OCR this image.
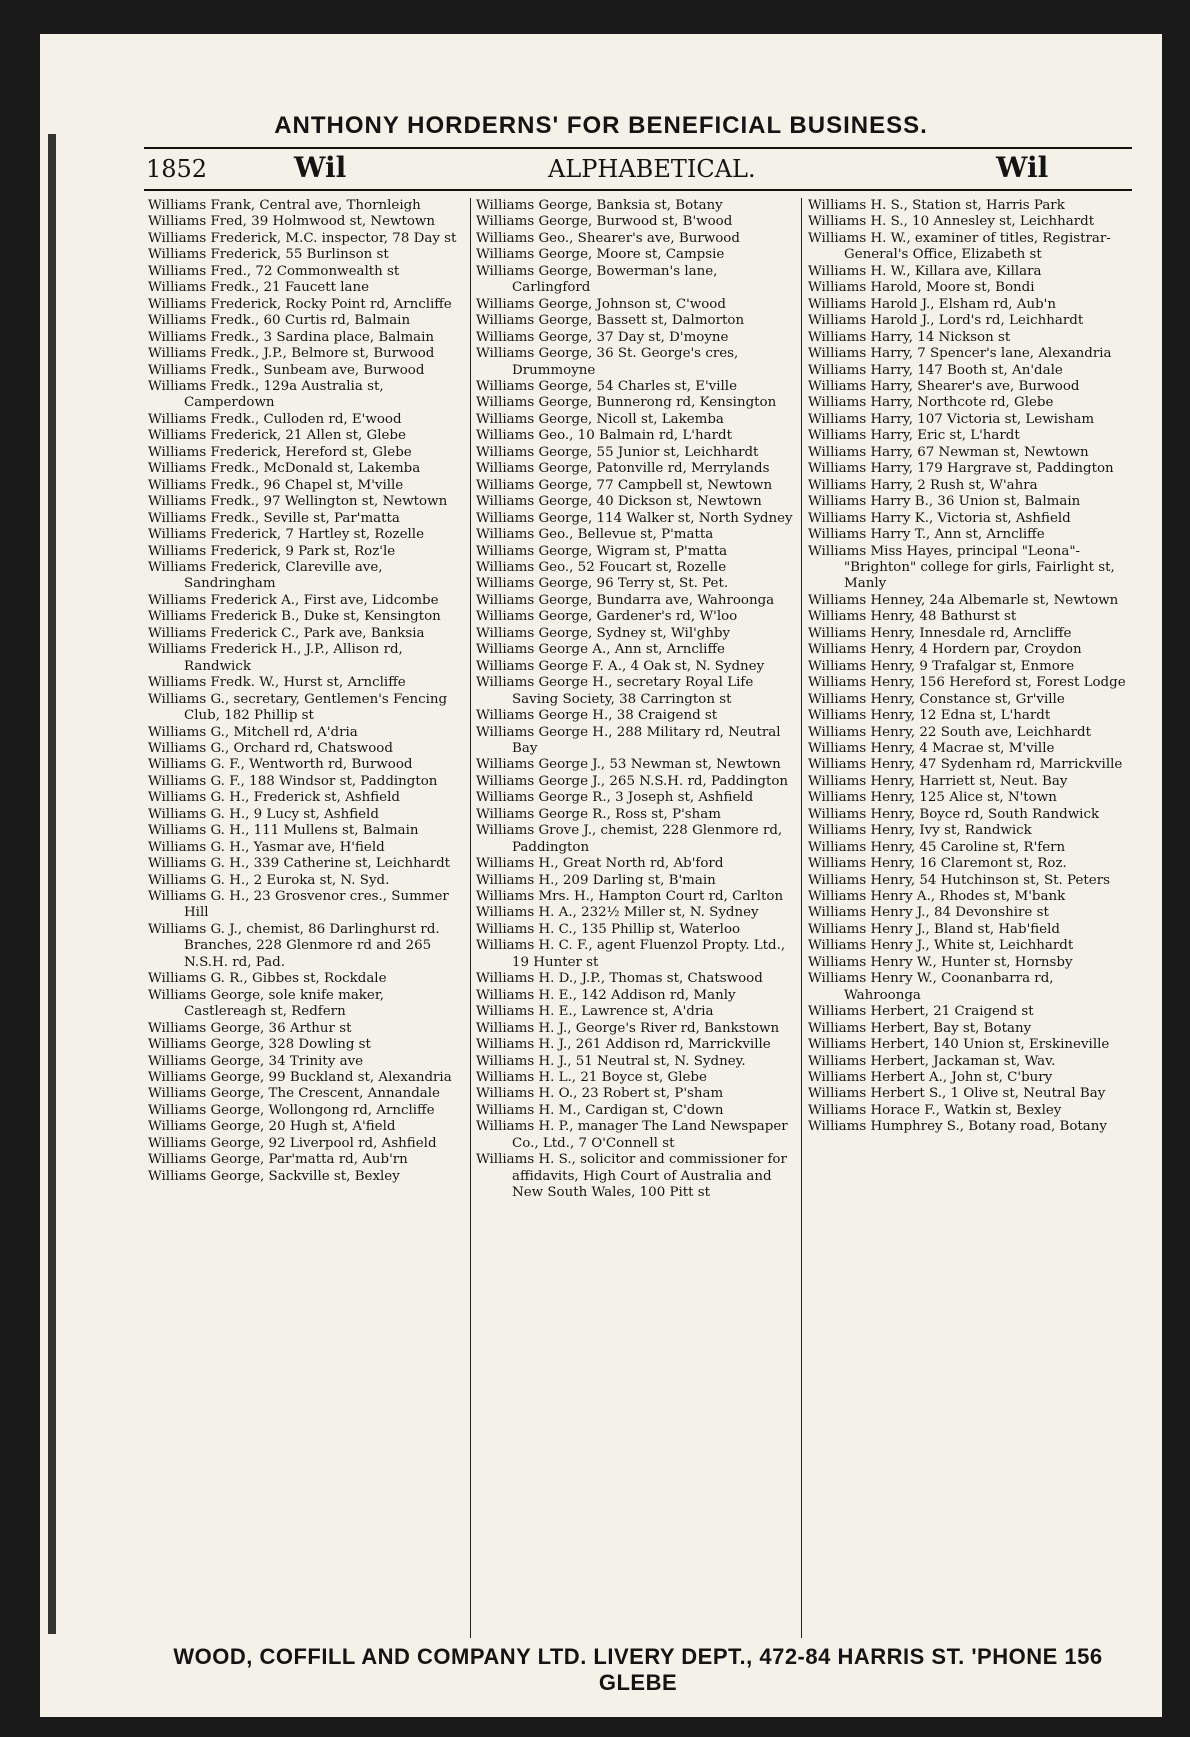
ANTHONY HORDERNS' FOR BENEFICIAL BUSINESS.
1852	Wil	ALPHABETICAL.	Wil

Williams Frank, Central ave, Thornleigh

Williams Fred, 39 Holmwood st, Newtown

Williams Frederick, M.C. inspector, 78 Day st

Williams Frederick, 55 Burlinson st

Williams Fred., 72 Commonwealth st

Williams Fredk., 21 Faucett lane

Williams Frederick, Rocky Point rd, Arncliffe

Williams Fredk., 60 Curtis rd, Balmain

Williams Fredk., 3 Sardina place, Balmain

Williams Fredk., J.P., Belmore st, Burwood

Williams Fredk., Sunbeam ave, Burwood

Williams Fredk., 129a Australia st, Camperdown

Williams Fredk., Culloden rd, E'wood

Williams Frederick, 21 Allen st, Glebe

Williams Frederick, Hereford st, Glebe

Williams Fredk., McDonald st, Lakemba

Williams Fredk., 96 Chapel st, M'ville

Williams Fredk., 97 Wellington st, Newtown

Williams Fredk., Seville st, Par'matta

Williams Frederick, 7 Hartley st, Rozelle

Williams Frederick, 9 Park st, Roz'le

Williams Frederick, Clareville ave, Sandringham

Williams Frederick A., First ave, Lidcombe

Williams Frederick B., Duke st, Kensington

Williams Frederick C., Park ave, Banksia

Williams Frederick H., J.P., Allison rd, Randwick

Williams Fredk. W., Hurst st, Arncliffe

Williams G., secretary, Gentlemen's Fencing Club, 182 Phillip st

Williams G., Mitchell rd, A'dria

Williams G., Orchard rd, Chatswood

Williams G. F., Wentworth rd, Burwood

Williams G. F., 188 Windsor st, Paddington

Williams G. H., Frederick st, Ashfield

Williams G. H., 9 Lucy st, Ashfield

Williams G. H., 111 Mullens st, Balmain

Williams G. H., Yasmar ave, H'field

Williams G. H., 339 Catherine st, Leichhardt

Williams G. H., 2 Euroka st, N. Syd.

Williams G. H., 23 Grosvenor cres., Summer Hill

Williams G. J., chemist, 86 Darlinghurst rd. Branches, 228 Glenmore rd and 265 N.S.H. rd, Pad.

Williams G. R., Gibbes st, Rockdale

Williams George, sole knife maker, Castlereagh st, Redfern

Williams George, 36 Arthur st

Williams George, 328 Dowling st

Williams George, 34 Trinity ave

Williams George, 99 Buckland st, Alexandria

Williams George, The Crescent, Annandale

Williams George, Wollongong rd, Arncliffe

Williams George, 20 Hugh st, A'field

Williams George, 92 Liverpool rd, Ashfield

Williams George, Par'matta rd, Aub'rn

Williams George, Sackville st, Bexley

Williams George, Banksia st, Botany

Williams George, Burwood st, B'wood

Williams Geo., Shearer's ave, Burwood

Williams George, Moore st, Campsie

Williams George, Bowerman's lane, Carlingford

Williams George, Johnson st, C'wood

Williams George, Bassett st, Dalmorton

Williams George, 37 Day st, D'moyne

Williams George, 36 St. George's cres, Drummoyne

Williams George, 54 Charles st, E'ville

Williams George, Bunnerong rd, Kensington

Williams George, Nicoll st, Lakemba

Williams Geo., 10 Balmain rd, L'hardt

Williams George, 55 Junior st, Leichhardt

Williams George, Patonville rd, Merrylands

Williams George, 77 Campbell st, Newtown

Williams George, 40 Dickson st, Newtown

Williams George, 114 Walker st, North Sydney

Williams Geo., Bellevue st, P'matta

Williams George, Wigram st, P'matta

Williams Geo., 52 Foucart st, Rozelle

Williams George, 96 Terry st, St. Pet.

Williams George, Bundarra ave, Wahroonga

Williams George, Gardener's rd, W'loo

Williams George, Sydney st, Wil'ghby

Williams George A., Ann st, Arncliffe

Williams George F. A., 4 Oak st, N. Sydney

Williams George H., secretary Royal Life Saving Society, 38 Carrington st

Williams George H., 38 Craigend st

Williams George H., 288 Military rd, Neutral Bay

Williams George J., 53 Newman st, Newtown

Williams George J., 265 N.S.H. rd, Paddington

Williams George R., 3 Joseph st, Ashfield

Williams George R., Ross st, P'sham

Williams Grove J., chemist, 228 Glenmore rd, Paddington

Williams H., Great North rd, Ab'ford

Williams H., 209 Darling st, B'main

Williams Mrs. H., Hampton Court rd, Carlton

Williams H. A., 232½ Miller st, N. Sydney

Williams H. C., 135 Phillip st, Waterloo

Williams H. C. F., agent Fluenzol Propty. Ltd., 19 Hunter st

Williams H. D., J.P., Thomas st, Chatswood

Williams H. E., 142 Addison rd, Manly

Williams H. E., Lawrence st, A'dria

Williams H. J., George's River rd, Bankstown

Williams H. J., 261 Addison rd, Marrickville

Williams H. J., 51 Neutral st, N. Sydney.

Williams H. L., 21 Boyce st, Glebe

Williams H. O., 23 Robert st, P'sham

Williams H. M., Cardigan st, C'down

Williams H. P., manager The Land Newspaper Co., Ltd., 7 O'Connell st

Williams H. S., solicitor and commissioner for affidavits, High Court of Australia and New South Wales, 100 Pitt st

Williams H. S., Station st, Harris Park

Williams H. S., 10 Annesley st, Leichhardt

Williams H. W., examiner of titles, Registrar-General's Office, Elizabeth st

Williams H. W., Killara ave, Killara

Williams Harold, Moore st, Bondi

Williams Harold J., Elsham rd, Aub'n

Williams Harold J., Lord's rd, Leichhardt

Williams Harry, 14 Nickson st

Williams Harry, 7 Spencer's lane, Alexandria

Williams Harry, 147 Booth st, An'dale

Williams Harry, Shearer's ave, Burwood

Williams Harry, Northcote rd, Glebe

Williams Harry, 107 Victoria st, Lewisham

Williams Harry, Eric st, L'hardt

Williams Harry, 67 Newman st, Newtown

Williams Harry, 179 Hargrave st, Paddington

Williams Harry, 2 Rush st, W'ahra

Williams Harry B., 36 Union st, Balmain

Williams Harry K., Victoria st, Ashfield

Williams Harry T., Ann st, Arncliffe

Williams Miss Hayes, principal "Leona"-"Brighton" college for girls, Fairlight st, Manly

Williams Henney, 24a Albemarle st, Newtown

Williams Henry, 48 Bathurst st

Williams Henry, Innesdale rd, Arncliffe

Williams Henry, 4 Hordern par, Croydon

Williams Henry, 9 Trafalgar st, Enmore

Williams Henry, 156 Hereford st, Forest Lodge

Williams Henry, Constance st, Gr'ville

Williams Henry, 12 Edna st, L'hardt

Williams Henry, 22 South ave, Leichhardt

Williams Henry, 4 Macrae st, M'ville

Williams Henry, 47 Sydenham rd, Marrickville

Williams Henry, Harriett st, Neut. Bay

Williams Henry, 125 Alice st, N'town

Williams Henry, Boyce rd, South Randwick

Williams Henry, Ivy st, Randwick

Williams Henry, 45 Caroline st, R'fern

Williams Henry, 16 Claremont st, Roz.

Williams Henry, 54 Hutchinson st, St. Peters

Williams Henry A., Rhodes st, M'bank

Williams Henry J., 84 Devonshire st

Williams Henry J., Bland st, Hab'field

Williams Henry J., White st, Leichhardt

Williams Henry W., Hunter st, Hornsby

Williams Henry W., Coonanbarra rd, Wahroonga

Williams Herbert, 21 Craigend st

Williams Herbert, Bay st, Botany

Williams Herbert, 140 Union st, Erskineville

Williams Herbert, Jackaman st, Wav.

Williams Herbert A., John st, C'bury

Williams Herbert S., 1 Olive st, Neutral Bay

Williams Horace F., Watkin st, Bexley

Williams Humphrey S., Botany road, Botany

WOOD, COFFILL AND COMPANY LTD. LIVERY DEPT., 472-84 HARRIS ST. 'PHONE 156 GLEBE
